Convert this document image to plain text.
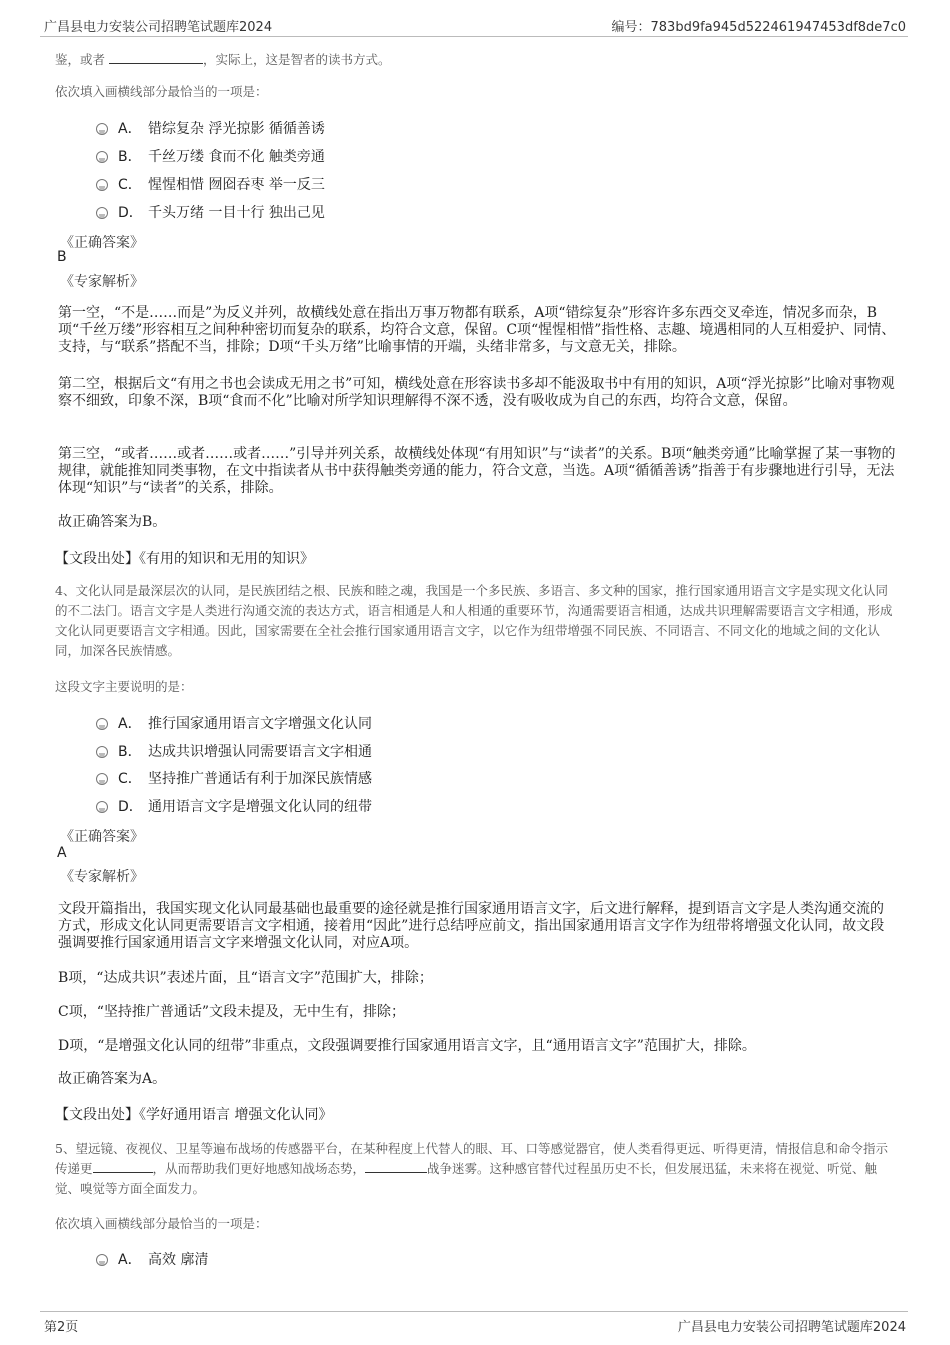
广昌县电力安装公司招聘笔试题库2024	编号：783bd9fa945d522461947453df8de7c0
鉴，或者	，实际上，这是智者的读书方式。
依次填入画横线部分最恰当的一项是：
A． 错综复杂 浮光掠影 循循善诱
B． 千丝万缕 食而不化 触类旁通
C． 惺惺相惜 囫囵吞枣 举一反三
D． 千头万绪 一目十行 独出己见
《正确答案》
B
《专家解析》
第一空，“不是……而是”为反义并列，故横线处意在指出万事万物都有联系，A项“错综复杂”形容许多东西交叉牵连，情况多而杂，B项“千丝万缕”形容相互之间种种密切而复杂的联系，均符合文意，保留。C项“惺惺相惜”指性格、志趣、境遇相同的人互相爱护、同情、支持，与“联系”搭配不当，排除；D项“千头万绪”比喻事情的开端，头绪非常多，与文意无关，排除。
第二空，根据后文“有用之书也会读成无用之书”可知，横线处意在形容读书多却不能汲取书中有用的知识，A项“浮光掠影”比喻对事物观察不细致，印象不深，B项“食而不化”比喻对所学知识理解得不深不透，没有吸收成为自己的东西，均符合文意，保留。
第三空，“或者……或者……或者……”引导并列关系，故横线处体现“有用知识”与“读者”的关系。B项“触类旁通”比喻掌握了某一事物的规律，就能推知同类事物，在文中指读者从书中获得触类旁通的能力，符合文意，当选。A项“循循善诱”指善于有步骤地进行引导，无法体现“知识”与“读者”的关系，排除。
故正确答案为B。
【文段出处】《有用的知识和无用的知识》
4、文化认同是最深层次的认同，是民族团结之根、民族和睦之魂，我国是一个多民族、多语言、多文种的国家，推行国家通用语言文字是实现文化认同的不二法门。语言文字是人类进行沟通交流的表达方式，语言相通是人和人相通的重要环节，沟通需要语言相通，达成共识理解需要语言文字相通，形成文化认同更要语言文字相通。因此，国家需要在全社会推行国家通用语言文字，以它作为纽带增强不同民族、不同语言、不同文化的地域之间的文化认同，加深各民族情感。
这段文字主要说明的是：
A． 推行国家通用语言文字增强文化认同
B． 达成共识增强认同需要语言文字相通
C． 坚持推广普通话有利于加深民族情感
D． 通用语言文字是增强文化认同的纽带
《正确答案》
A
《专家解析》
文段开篇指出，我国实现文化认同最基础也最重要的途径就是推行国家通用语言文字，后文进行解释，提到语言文字是人类沟通交流的方式，形成文化认同更需要语言文字相通，接着用“因此”进行总结呼应前文，指出国家通用语言文字作为纽带将增强文化认同，故文段强调要推行国家通用语言文字来增强文化认同，对应A项。
B项，“达成共识”表述片面，且“语言文字”范围扩大，排除；
C项，“坚持推广普通话”文段未提及，无中生有，排除；
D项，“是增强文化认同的纽带”非重点，文段强调要推行国家通用语言文字，且“通用语言文字”范围扩大，排除。
故正确答案为A。
【文段出处】《学好通用语言 增强文化认同》
5、望远镜、夜视仪、卫星等遍布战场的传感器平台，在某种程度上代替人的眼、耳、口等感觉器官，使人类看得更远、听得更清，情报信息和命令指示传递更	，从而帮助我们更好地感知战场态势，	战争迷雾。这种感官替代过程虽历史不长，但发展迅猛，未来将在视觉、听觉、触觉、嗅觉等方面全面发力。
依次填入画横线部分最恰当的一项是：
A． 高效 廓清
第2页	广昌县电力安装公司招聘笔试题库2024
